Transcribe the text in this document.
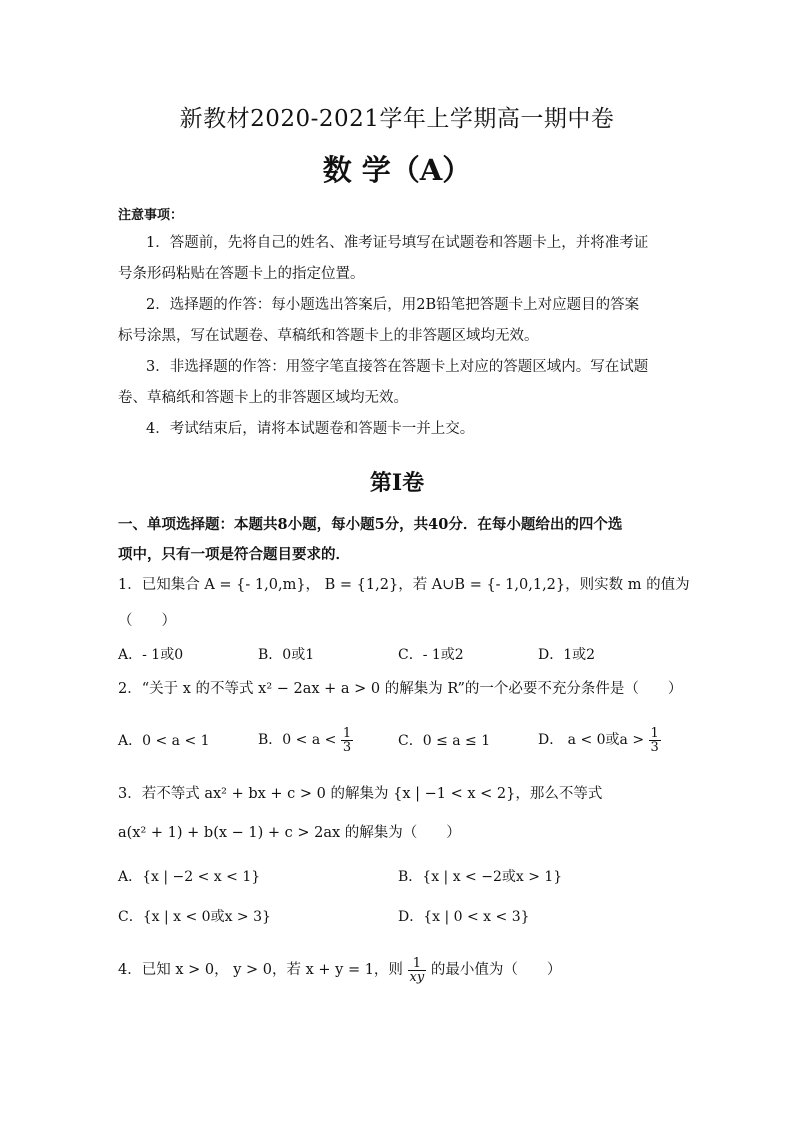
新教材2020-2021学年上学期高一期中卷
数 学（A）
注意事项：
1．答题前，先将自己的姓名、准考证号填写在试题卷和答题卡上，并将准考证
号条形码粘贴在答题卡上的指定位置。
2．选择题的作答：每小题选出答案后，用2B铅笔把答题卡上对应题目的答案
标号涂黑，写在试题卷、草稿纸和答题卡上的非答题区域均无效。
3．非选择题的作答：用签字笔直接答在答题卡上对应的答题区域内。写在试题
卷、草稿纸和答题卡上的非答题区域均无效。
4．考试结束后，请将本试题卷和答题卡一并上交。
第Ⅰ卷
一、单项选择题：本题共8小题，每小题5分，共40分．在每小题给出的四个选
项中，只有一项是符合题目要求的．
1．已知集合 A = {- 1,0,m}， B = {1,2}，若 A∪B = {- 1,0,1,2}，则实数 m 的值为
（　　）
A．- 1或0	B．0或1	C．- 1或2	D．1或2
2．“关于 x 的不等式 x² − 2ax + a > 0 的解集为 R”的一个必要不充分条件是（　　）
A．0 < a < 1	B．$0 < a < \frac{1}{3}$	C．0 ≤ a ≤ 1	D． a < 0或$a > \frac{1}{3}$
3．若不等式 ax² + bx + c > 0 的解集为 {x | −1 < x < 2}，那么不等式
a(x² + 1) + b(x − 1) + c > 2ax 的解集为（　　）
A．{x | −2 < x < 1}	B．{x | x < −2或x > 1}
C．{x | x < 0或x > 3}	D．{x | 0 < x < 3}
4．已知 x > 0， y > 0，若 x + y = 1，则 $\frac{1}{xy}$ 的最小值为（　　）
